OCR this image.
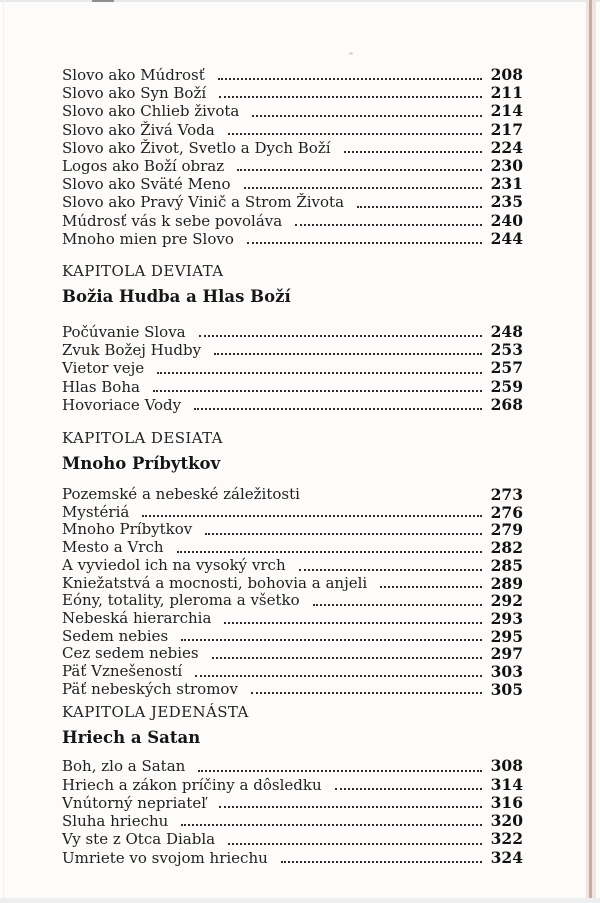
Slovo ako Múdrosť	208
Slovo ako Syn Boží	211
Slovo ako Chlieb života	214
Slovo ako Živá Voda	217
Slovo ako Život, Svetlo a Dych Boží	224
Logos ako Boží obraz	230
Slovo ako Sväté Meno	231
Slovo ako Pravý Vinič a Strom Života	235
Múdrosť vás k sebe povoláva	240
Mnoho mien pre Slovo	244
KAPITOLA DEVIATA
Božia Hudba a Hlas Boží
Počúvanie Slova	248
Zvuk Božej Hudby	253
Vietor veje	257
Hlas Boha	259
Hovoriace Vody	268
KAPITOLA DESIATA
Mnoho Príbytkov
Pozemské a nebeské záležitosti	273
Mystériá	276
Mnoho Príbytkov	279
Mesto a Vrch	282
A vyviedol ich na vysoký vrch	285
Kniežatstvá a mocnosti, bohovia a anjeli	289
Eóny, totality, pleroma a všetko	292
Nebeská hierarchia	293
Sedem nebies	295
Cez sedem nebies	297
Päť Vznešeností	303
Päť nebeských stromov	305
KAPITOLA JEDENÁSTA
Hriech a Satan
Boh, zlo a Satan	308
Hriech a zákon príčiny a dôsledku	314
Vnútorný nepriateľ	316
Sluha hriechu	320
Vy ste z Otca Diabla	322
Umriete vo svojom hriechu	324
